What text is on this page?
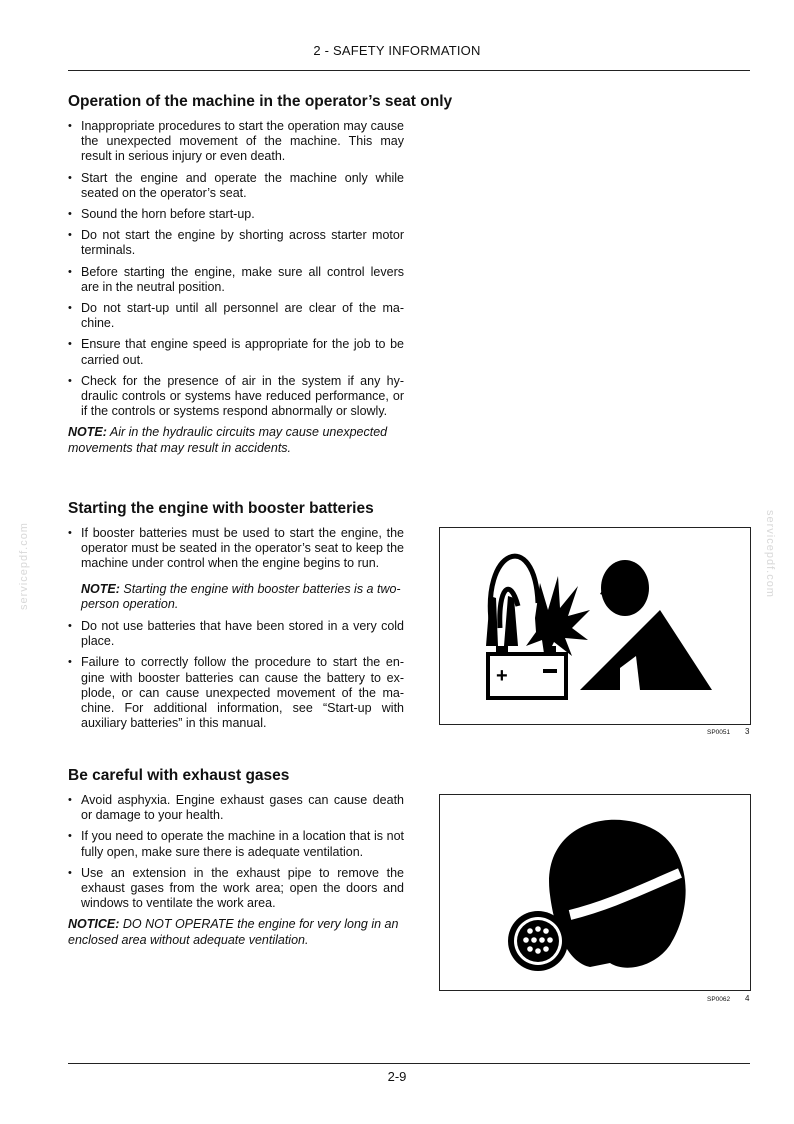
2 - SAFETY INFORMATION
Operation of the machine in the operator’s seat only
• Inappropriate procedures to start the operation may cause the unexpected movement of the machine. This may result in serious injury or even death.
• Start the engine and operate the machine only while seated on the operator’s seat.
• Sound the horn before start-up.
• Do not start the engine by shorting across starter motor terminals.
• Before starting the engine, make sure all control levers are in the neutral position.
• Do not start-up until all personnel are clear of the ma-chine.
• Ensure that engine speed is appropriate for the job to be carried out.
• Check for the presence of air in the system if any hy-draulic controls or systems have reduced performance, or if the controls or systems respond abnormally or slowly.

NOTE: Air in the hydraulic circuits may cause unexpected movements that may result in accidents.

Starting the engine with booster batteries
• If booster batteries must be used to start the engine, the operator must be seated in the operator’s seat to keep the machine under control when the engine begins to run.

NOTE: Starting the engine with booster batteries is a two-person operation.

• Do not use batteries that have been stored in a very cold place.
• Failure to correctly follow the procedure to start the en-gine with booster batteries can cause the battery to ex-plode, or can cause unexpected movement of the ma-chine. For additional information, see “Start-up with auxiliary batteries” in this manual.
Be careful with exhaust gases
• Avoid asphyxia. Engine exhaust gases can cause death or damage to your health.
• If you need to operate the machine in a location that is not fully open, make sure there is adequate ventilation.
• Use an extension in the exhaust pipe to remove the exhaust gases from the work area; open the doors and windows to ventilate the work area.

NOTICE: DO NOT OPERATE the engine for very long in an enclosed area without adequate ventilation.

+
SP0051 3
SP0062 4
servicepdf.com	servicepdf.com
2-9
